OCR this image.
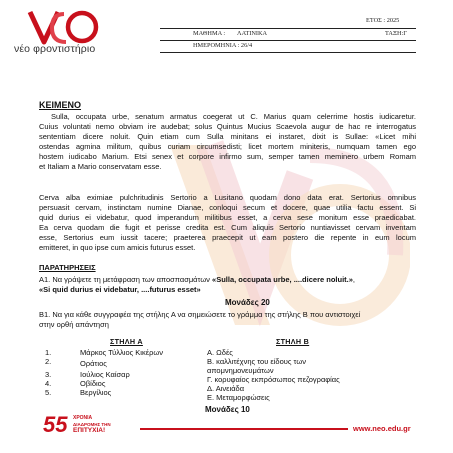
νέο φροντιστήριο
ΕΤΟΣ : 2025
ΜΑΘΗΜΑ : ΛΑΤΙΝΙΚΑ	ΤΑΞΗ:Γ
ΗΜΕΡΟΜΗΝΙΑ : 26/4
ΚΕΙΜΕΝΟ
Sulla, occupata urbe, senatum armatus coegerat ut C. Marius quam celerrime hostis iudicaretur.
Cuius voluntati nemo obviam ire audebat; solus Quintus Mucius Scaevola augur de hac re interrogatus
sententiam dicere noluit. Quin etiam cum Sulla minitans ei instaret, dixit is Sullae: «Licet mihi
ostendas agmina militum, quibus curiam circumsedisti; licet mortem miniteris, numquam tamen ego
hostem iudicabo Marium. Etsi senex et corpore infirmo sum, semper tamen meminero urbem Romam
et Italiam a Mario conservatam esse.
Cerva alba eximiae pulchritudinis Sertorio a Lusitano quodam dono data erat. Sertorius omnibus
persuasit cervam, instinctam numine Dianae, conloqui secum et docere, quae utilia factu essent. Si
quid durius ei videbatur, quod imperandum militibus esset, a cerva sese monitum esse praedicabat.
Ea cerva quodam die fugit et perisse credita est. Cum aliquis Sertorio nuntiavisset cervam inventam
esse, Sertorius eum iussit tacere; praeterea praecepit ut eam postero die repente in eum locum
emitteret, in quo ipse cum amicis futurus esset.
ΠΑΡΑΤΗΡΗΣΕΙΣ
Α1. Να γράψετε τη μετάφραση των αποσπασμάτων «Sulla, occupata urbe, ....dicere noluit.»,
«Si quid durius ei videbatur, ....futurus esset»
Μονάδες 20
Β1. Να για κάθε συγγραφέα της στήλης Α να σημειώσετε το γράμμα της στήλης Β που αντιστοιχεί
στην ορθή απάντηση
ΣΤΗΛΗ Α	ΣΤΗΛΗ Β
1.	Μάρκος Τύλλιος Κικέρων
2.	Οράτιος
3.	Ιούλιος Καίσαρ
4.	Οβίδιος
5.	Βεργίλιος
Α. Ωδές
Β. καλλιτέχνης του είδους των
απομνημονευμάτων
Γ. κορυφαίος εκπρόσωπος πεζογραφίας
Δ. Αινειάδα
Ε. Μεταμορφώσεις
Μονάδες 10
55 ΧΡΟΝΙΑ
ΔΙΑΔΡΟΜΗΣ ΤΗΝ
ΕΠΙΤΥΧΙΑ!	www.neo.edu.gr
